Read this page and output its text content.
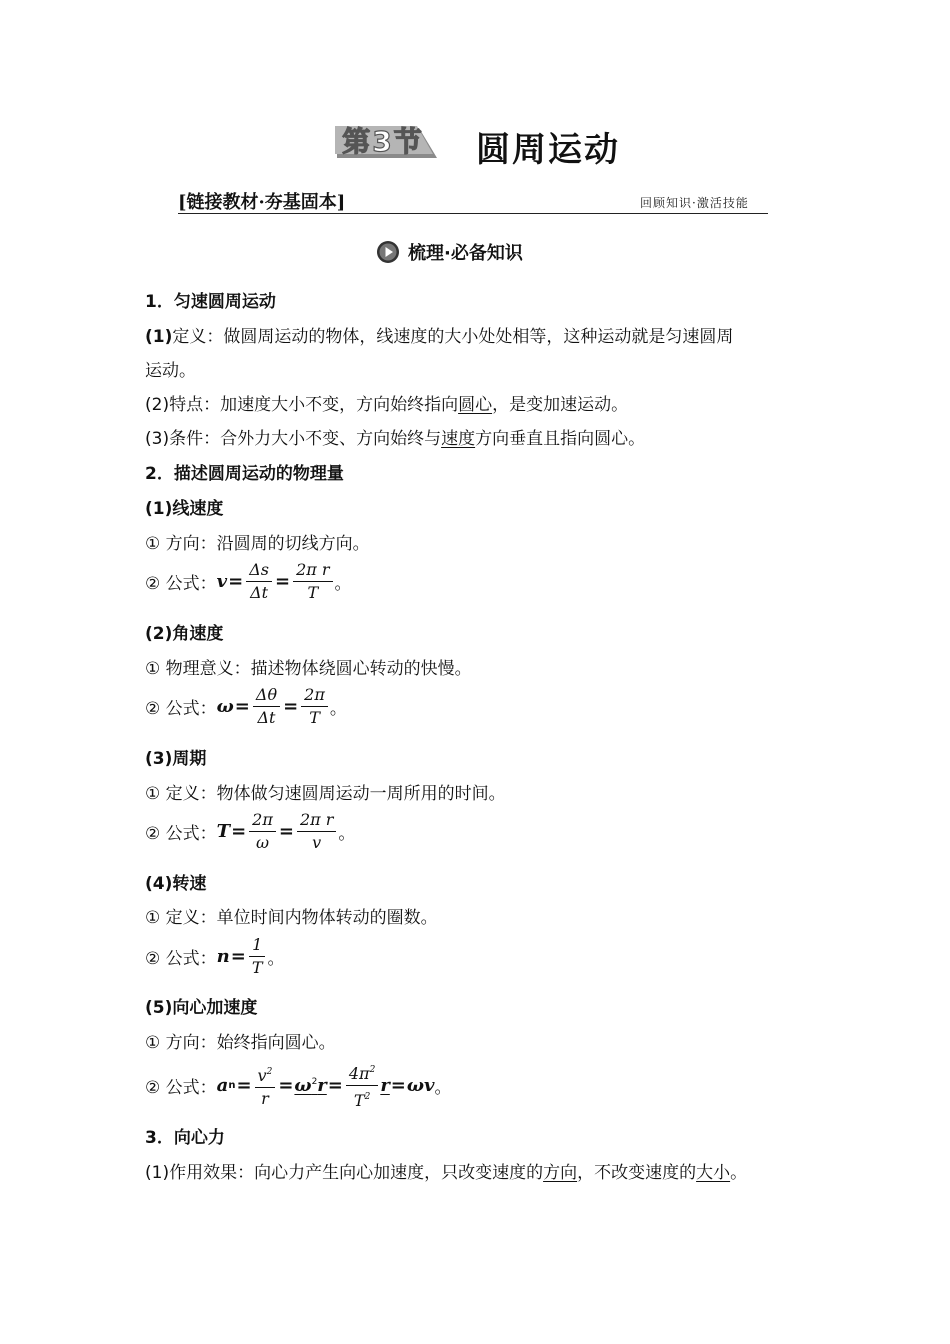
第3节 圆周运动
[链接教材·夯基固本]	回顾知识·激活技能
梳理·必备知识
1．匀速圆周运动
(1)定义：做圆周运动的物体，线速度的大小处处相等，这种运动就是匀速圆周
运动。
(2)特点：加速度大小不变，方向始终指向圆心，是变加速运动。
(3)条件：合外力大小不变、方向始终与速度方向垂直且指向圆心。
2．描述圆周运动的物理量
(1)线速度
① 方向：沿圆周的切线方向。
② 公式： $v = \frac{\Delta s}{\Delta t} = \frac{\text{2π r}}{T}$ 。
(2)角速度
① 物理意义：描述物体绕圆心转动的快慢。
② 公式： $\omega = \frac{\Delta\theta}{\Delta t} = \frac{2\pi}{T}$ 。
(3)周期
① 定义：物体做匀速圆周运动一周所用的时间。
② 公式： $T = \frac{2\pi}{\omega} = \frac{\text{2π r}}{v}$ 。
(4)转速
① 定义：单位时间内物体转动的圈数。
② 公式： $n = \frac{1}{T}$ 。
(5)向心加速度
① 方向：始终指向圆心。
② 公式： a $n = \frac{v^2}{r} = \omega^2r = \frac{4\pi^2}{T^2}$ r = ω v 。
3．向心力
(1)作用效果：向心力产生向心加速度，只改变速度的方向，不改变速度的大小。
